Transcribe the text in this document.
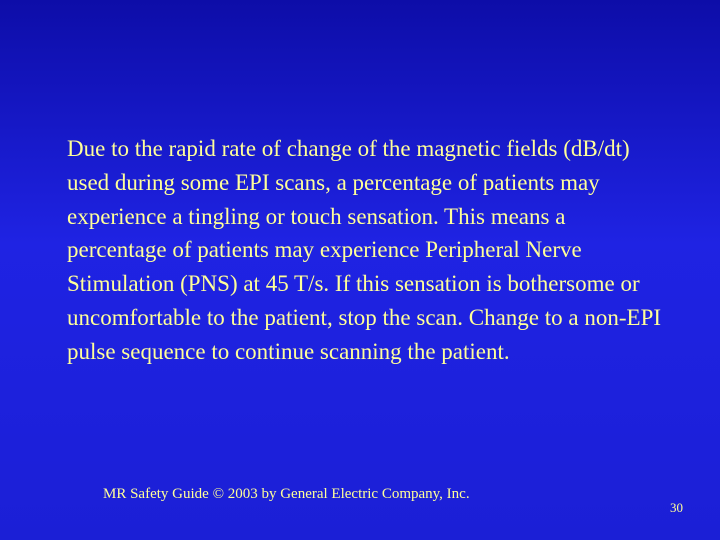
Due to the rapid rate of change of the magnetic fields (dB/dt) used during some EPI scans, a percentage of patients may experience a tingling or touch sensation. This means a percentage of patients may experience Peripheral Nerve Stimulation (PNS) at 45 T/s. If this sensation is bothersome or uncomfortable to the patient, stop the scan. Change to a non-EPI pulse sequence to continue scanning the patient.
MR Safety Guide © 2003 by General Electric Company, Inc.
30
